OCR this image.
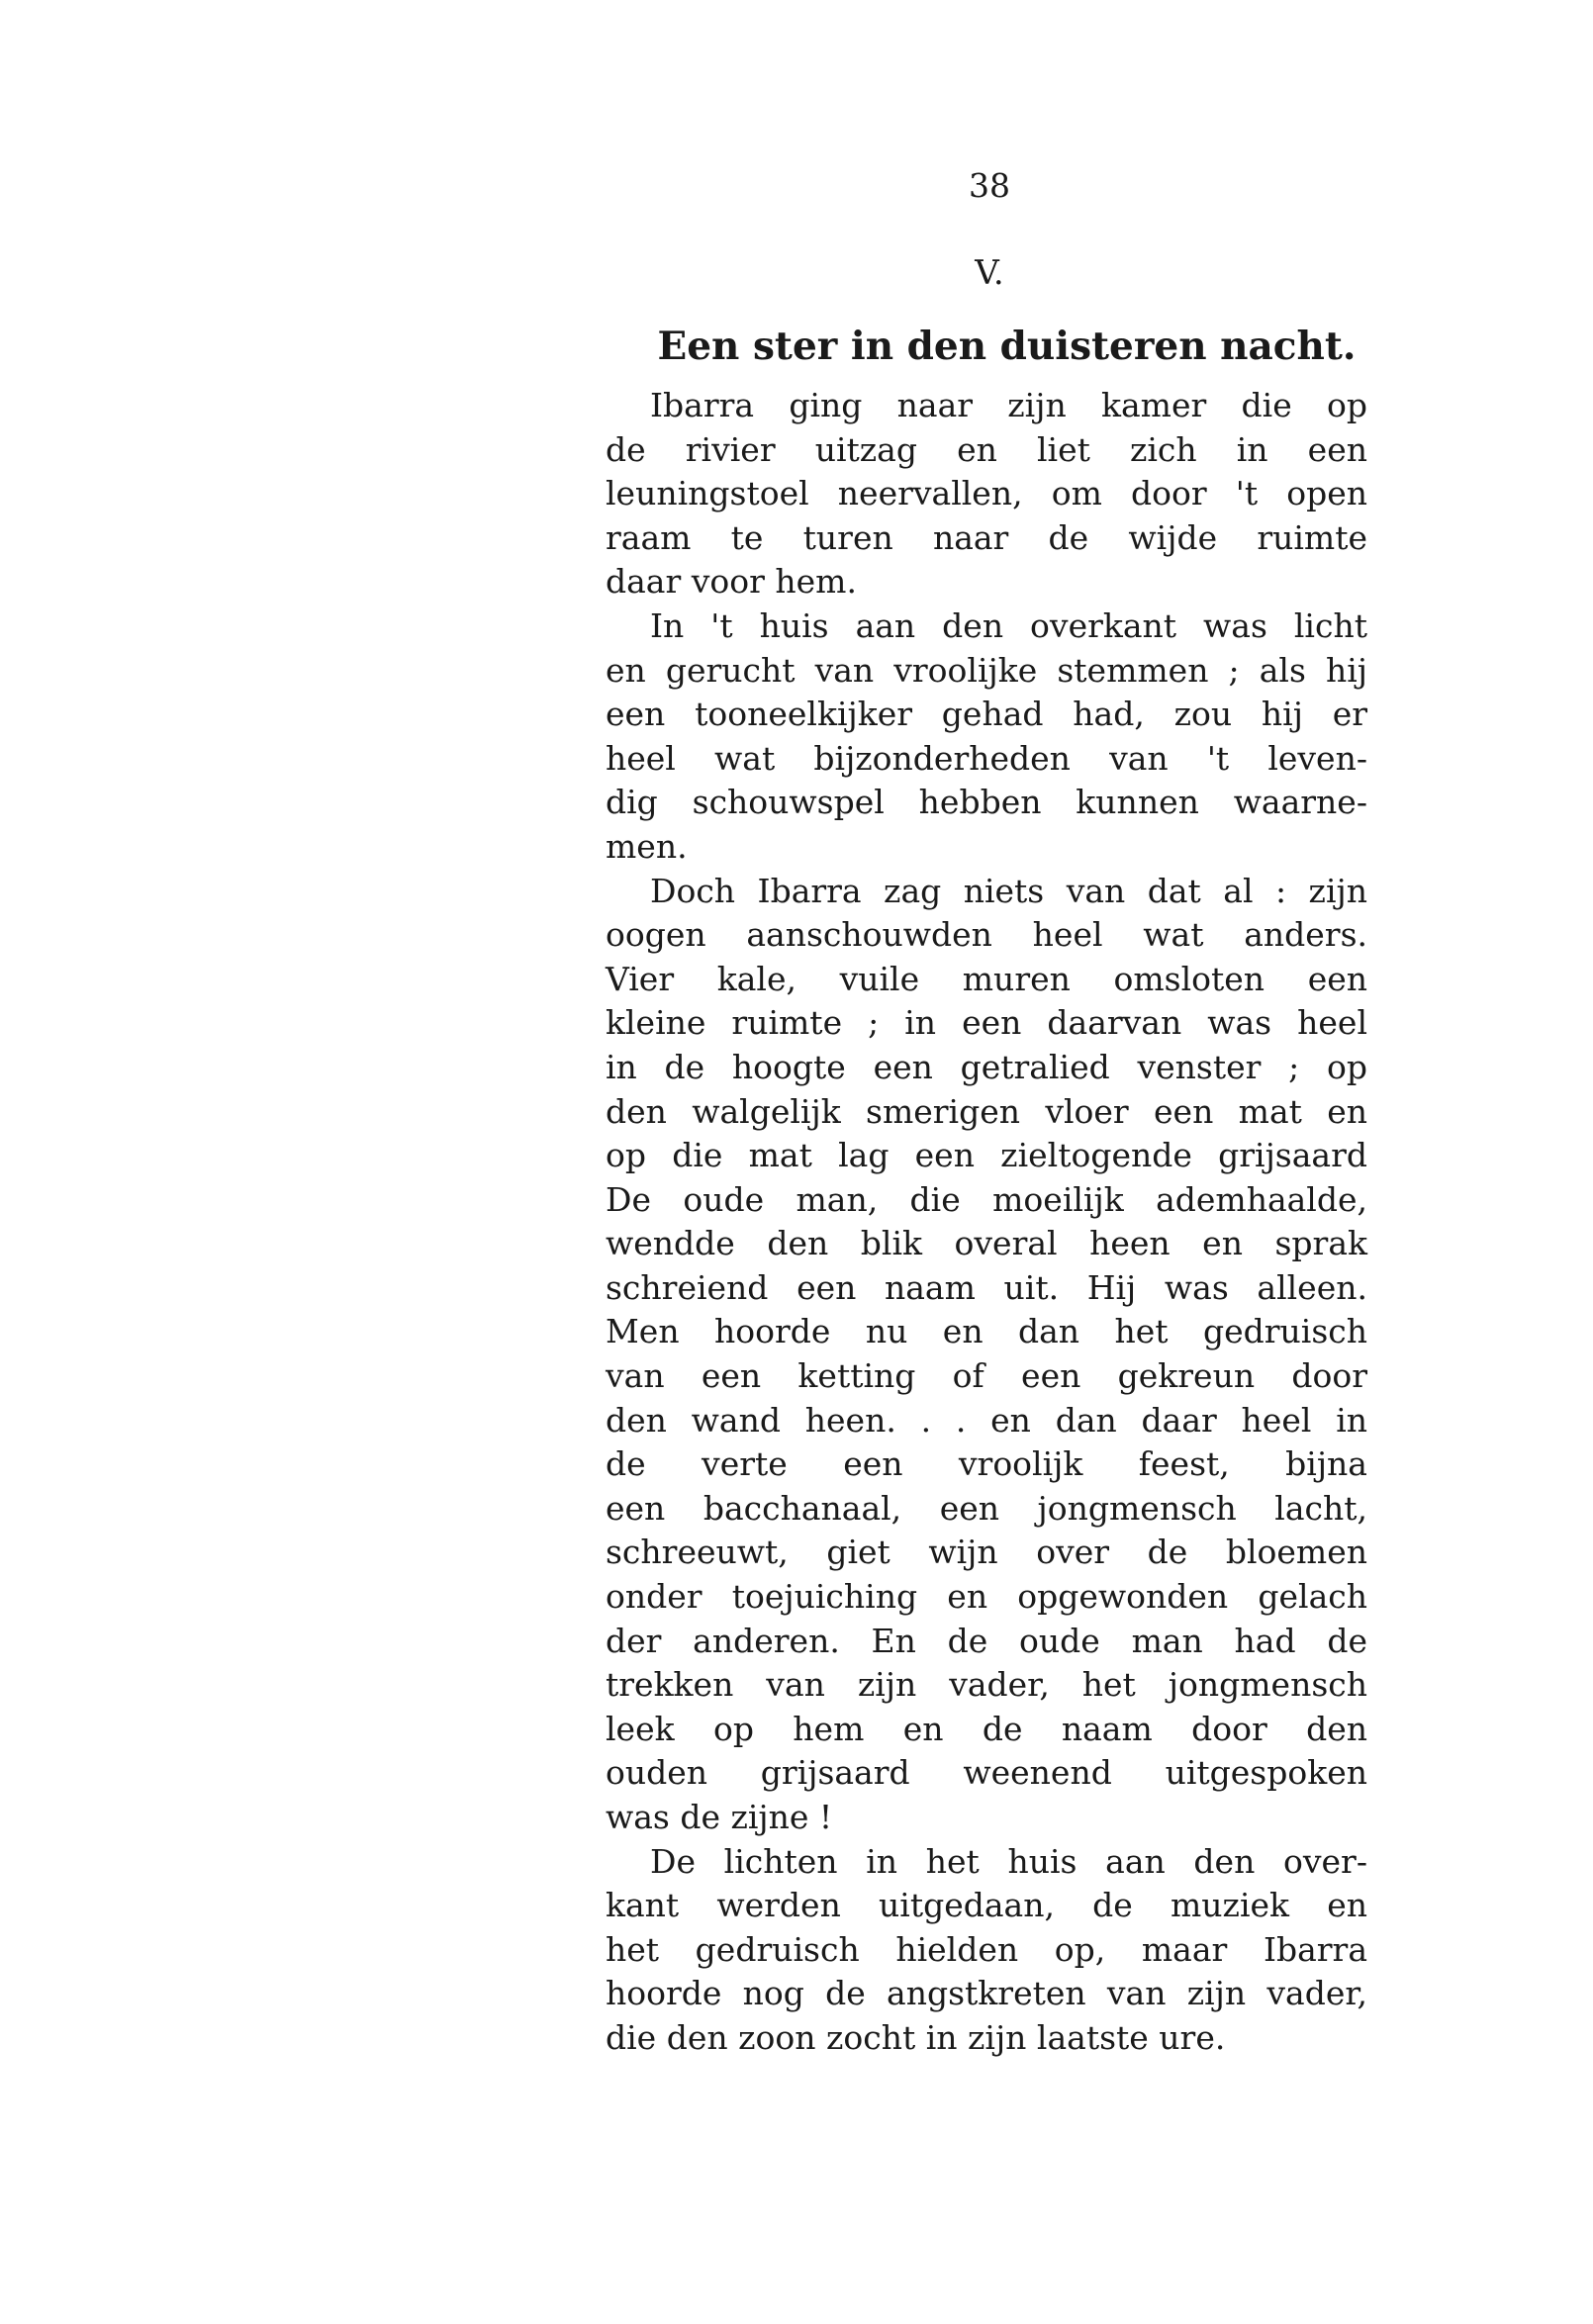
38
V.
Een ster in den duisteren nacht.
Ibarra ging naar zijn kamer die op
de rivier uitzag en liet zich in een
leuningstoel neervallen, om door 't open
raam te turen naar de wijde ruimte
daar voor hem.
In 't huis aan den overkant was licht
en gerucht van vroolijke stemmen ; als hij
een tooneelkijker gehad had, zou hij er
heel wat bijzonderheden van 't leven-
dig schouwspel hebben kunnen waarne-
men.
Doch Ibarra zag niets van dat al : zijn
oogen aanschouwden heel wat anders.
Vier kale, vuile muren omsloten een
kleine ruimte ; in een daarvan was heel
in de hoogte een getralied venster ; op
den walgelijk smerigen vloer een mat en
op die mat lag een zieltogende grijsaard
De oude man, die moeilijk ademhaalde,
wendde den blik overal heen en sprak
schreiend een naam uit. Hij was alleen.
Men hoorde nu en dan het gedruisch
van een ketting of een gekreun door
den wand heen. . . en dan daar heel in
de verte een vroolijk feest, bijna
een bacchanaal, een jongmensch lacht,
schreeuwt, giet wijn over de bloemen
onder toejuiching en opgewonden gelach
der anderen. En de oude man had de
trekken van zijn vader, het jongmensch
leek op hem en de naam door den
ouden grijsaard weenend uitgespoken
was de zijne !
De lichten in het huis aan den over-
kant werden uitgedaan, de muziek en
het gedruisch hielden op, maar Ibarra
hoorde nog de angstkreten van zijn vader,
die den zoon zocht in zijn laatste ure.
